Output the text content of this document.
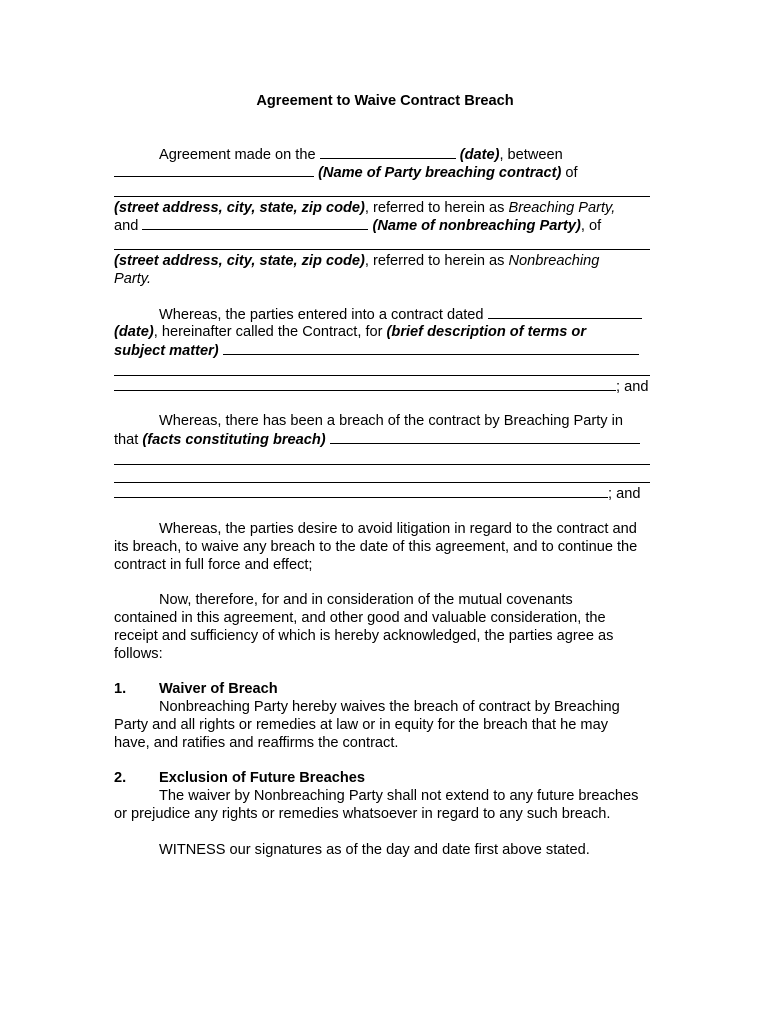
Agreement to Waive Contract Breach
Agreement made on the	(date), between
(Name of Party breaching contract) of
(street address, city, state, zip code), referred to herein as Breaching Party,
and	(Name of nonbreaching Party), of
(street address, city, state, zip code), referred to herein as Nonbreaching
Party.
Whereas, the parties entered into a contract dated
(date), hereinafter called the Contract, for (brief description of terms or
subject matter)
; and
Whereas, there has been a breach of the contract by Breaching Party in
that (facts constituting breach)
; and
Whereas, the parties desire to avoid litigation in regard to the contract and
its breach, to waive any breach to the date of this agreement, and to continue the
contract in full force and effect;
Now, therefore, for and in consideration of the mutual covenants
contained in this agreement, and other good and valuable consideration, the
receipt and sufficiency of which is hereby acknowledged, the parties agree as
follows:
1. Waiver of Breach
Nonbreaching Party hereby waives the breach of contract by Breaching
Party and all rights or remedies at law or in equity for the breach that he may
have, and ratifies and reaffirms the contract.
2. Exclusion of Future Breaches
The waiver by Nonbreaching Party shall not extend to any future breaches
or prejudice any rights or remedies whatsoever in regard to any such breach.
WITNESS our signatures as of the day and date first above stated.
